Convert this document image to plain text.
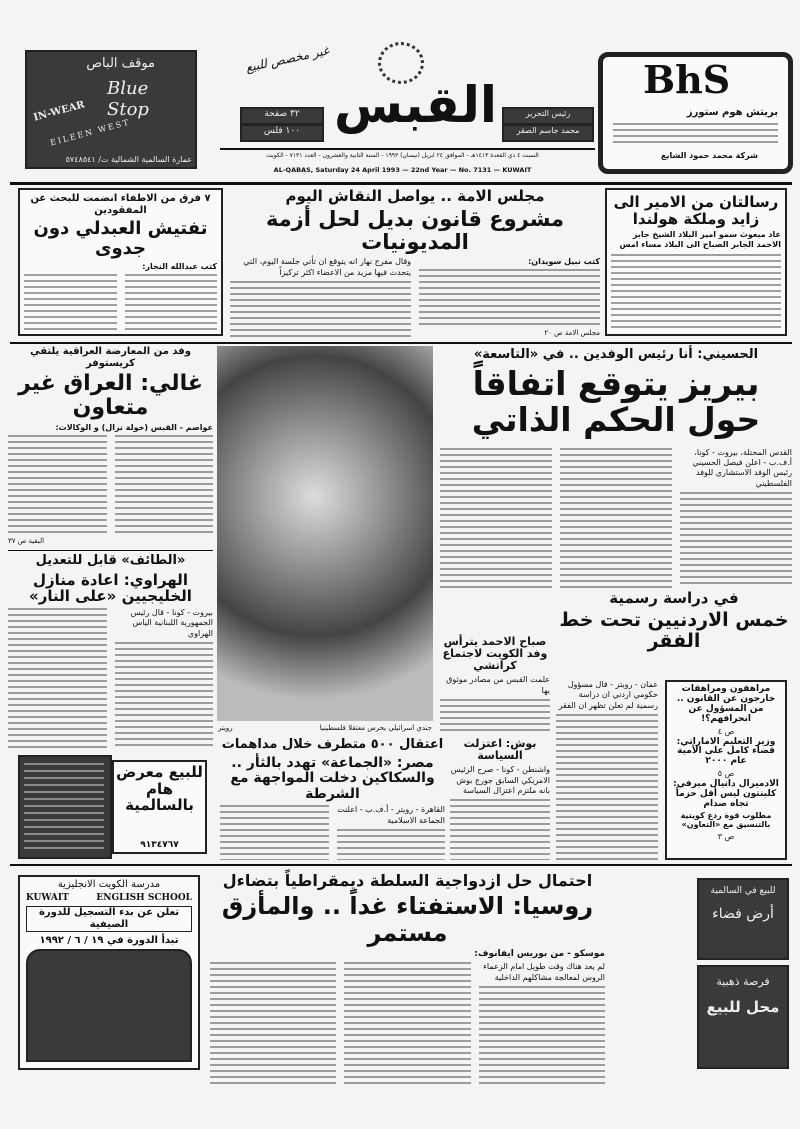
موقف الباص
Blue Stop
IN-WEAR
EILEEN WEST
عمارة السالمية الشمالية ت/ ٥٧٤٨٥٤١
غير مخصص للبيع
القبس
٣٢ صفحة
١٠٠ فلس
رئيس التحرير
محمد جاسم الصقر
السبت ٤ ذي القعدة ١٤١٣هـ - الموافق ٢٤ ابريل (نيسان) ١٩٩٣ - السنة الثانية والعشرون - العدد ٧١٣١ - الكويت
AL-QABAS, Saturday 24 April 1993 — 22nd Year — No. 7131 — KUWAIT
BhS
بريتش هوم ستورز
شركة محمد حمود الشايع
٧ فرق من الاطفاء انضمت للبحث عن المفقودين
تفتيش العبدلي دون جدوى
كتب عبدالله النجار:
مجلس الامة .. يواصل النقاش اليوم
مشروع قانون بديل لحل أزمة المديونيات
كتب نبيل سويدان:
مجلس الامة ص ٢٠
وقال مفرج نهار انه يتوقع ان تأتي جلسة اليوم، التي يتحدث فيها مزيد من الاعضاء اكثر تركيزاً
رسالتان من الامير الى زايد وملكة هولندا
عاد مبعوث سمو امير البلاد الشيخ جابر الاحمد الجابر الصباح الى البلاد مساء امس
وفد من المعارضة العراقية يلتقي كريستوفر
غالي: العراق غير متعاون
عواصم - القبس (خولة نزال) و الوكالات:
البقية ص ٣٧
«الطائف» قابل للتعديل
الهراوي: اعادة منازل الخليجيين «على النار»
بيروت - كونا - قال رئيس الجمهورية اللبنانية الياس الهراوي
للبيع معرض هام بالسالمية
٩١٣٤٧٦٧
جندي اسرائيلي يحرس معتقلا فلسطينيا
رويتر
الحسيني: أنا رئيس الوفدين .. في «التاسعة»
بيريز يتوقع اتفاقاً حول الحكم الذاتي
القدس المحتلة، بيروت - كونا، أ.ف.ب - اعلن فيصل الحسيني رئيس الوفد الاستشاري للوفد الفلسطيني
صباح الاحمد يترأس وفد الكويت لاجتماع كراتشي
علمت القبس من مصادر موثوق بها
في دراسة رسمية
خمس الاردنيين تحت خط الفقر
عمان - رويتر - قال مسؤول حكومي اردني ان دراسة رسمية لم تعلن تظهر ان الفقر
مراهقون ومراهقات خارجون عن القانون .. من المسؤول عن انحرافهم؟!
ص ٤
وزير التعليم الاماراتي: قضاء كامل على الأمية عام ٢٠٠٠
ص ٥
الادميرال دانيال ميرفي: كلينتون ليس أقل حزماً تجاه صدام
مطلوب قوة ردع كويتية بالتنسيق مع «التعاون»
ص ٣
اعتقال ٥٠٠ متطرف خلال مداهمات
مصر: «الجماعة» تهدد بالثأر .. والسكاكين دخلت المواجهة مع الشرطة
القاهرة - رويتر - أ.ف.ب - اعلنت الجماعة الاسلامية
بوش: اعتزلت السياسة
واشنطن - كونا - صرح الرئيس الامريكي السابق جورج بوش بانه ملتزم اعتزال السياسة
مدرسة الكويت الانجليزية
KUWAIT	ENGLISH SCHOOL
تعلن عن بدء التسجيل للدورة الصيفية
تبدأ الدورة في ١٩ / ٦ / ١٩٩٢
احتمال حل ازدواجية السلطة ديمقراطياً بتضاءل
روسيا: الاستفتاء غداً .. والمأزق مستمر
موسكو - من بوريس ايفانوف:
لم يعد هناك وقت طويل امام الزعماء الروس لمعالجة مشاكلهم الداخلية
للبيع في السالمية
أرض فضاء
فرصة ذهبية
محل للبيع
